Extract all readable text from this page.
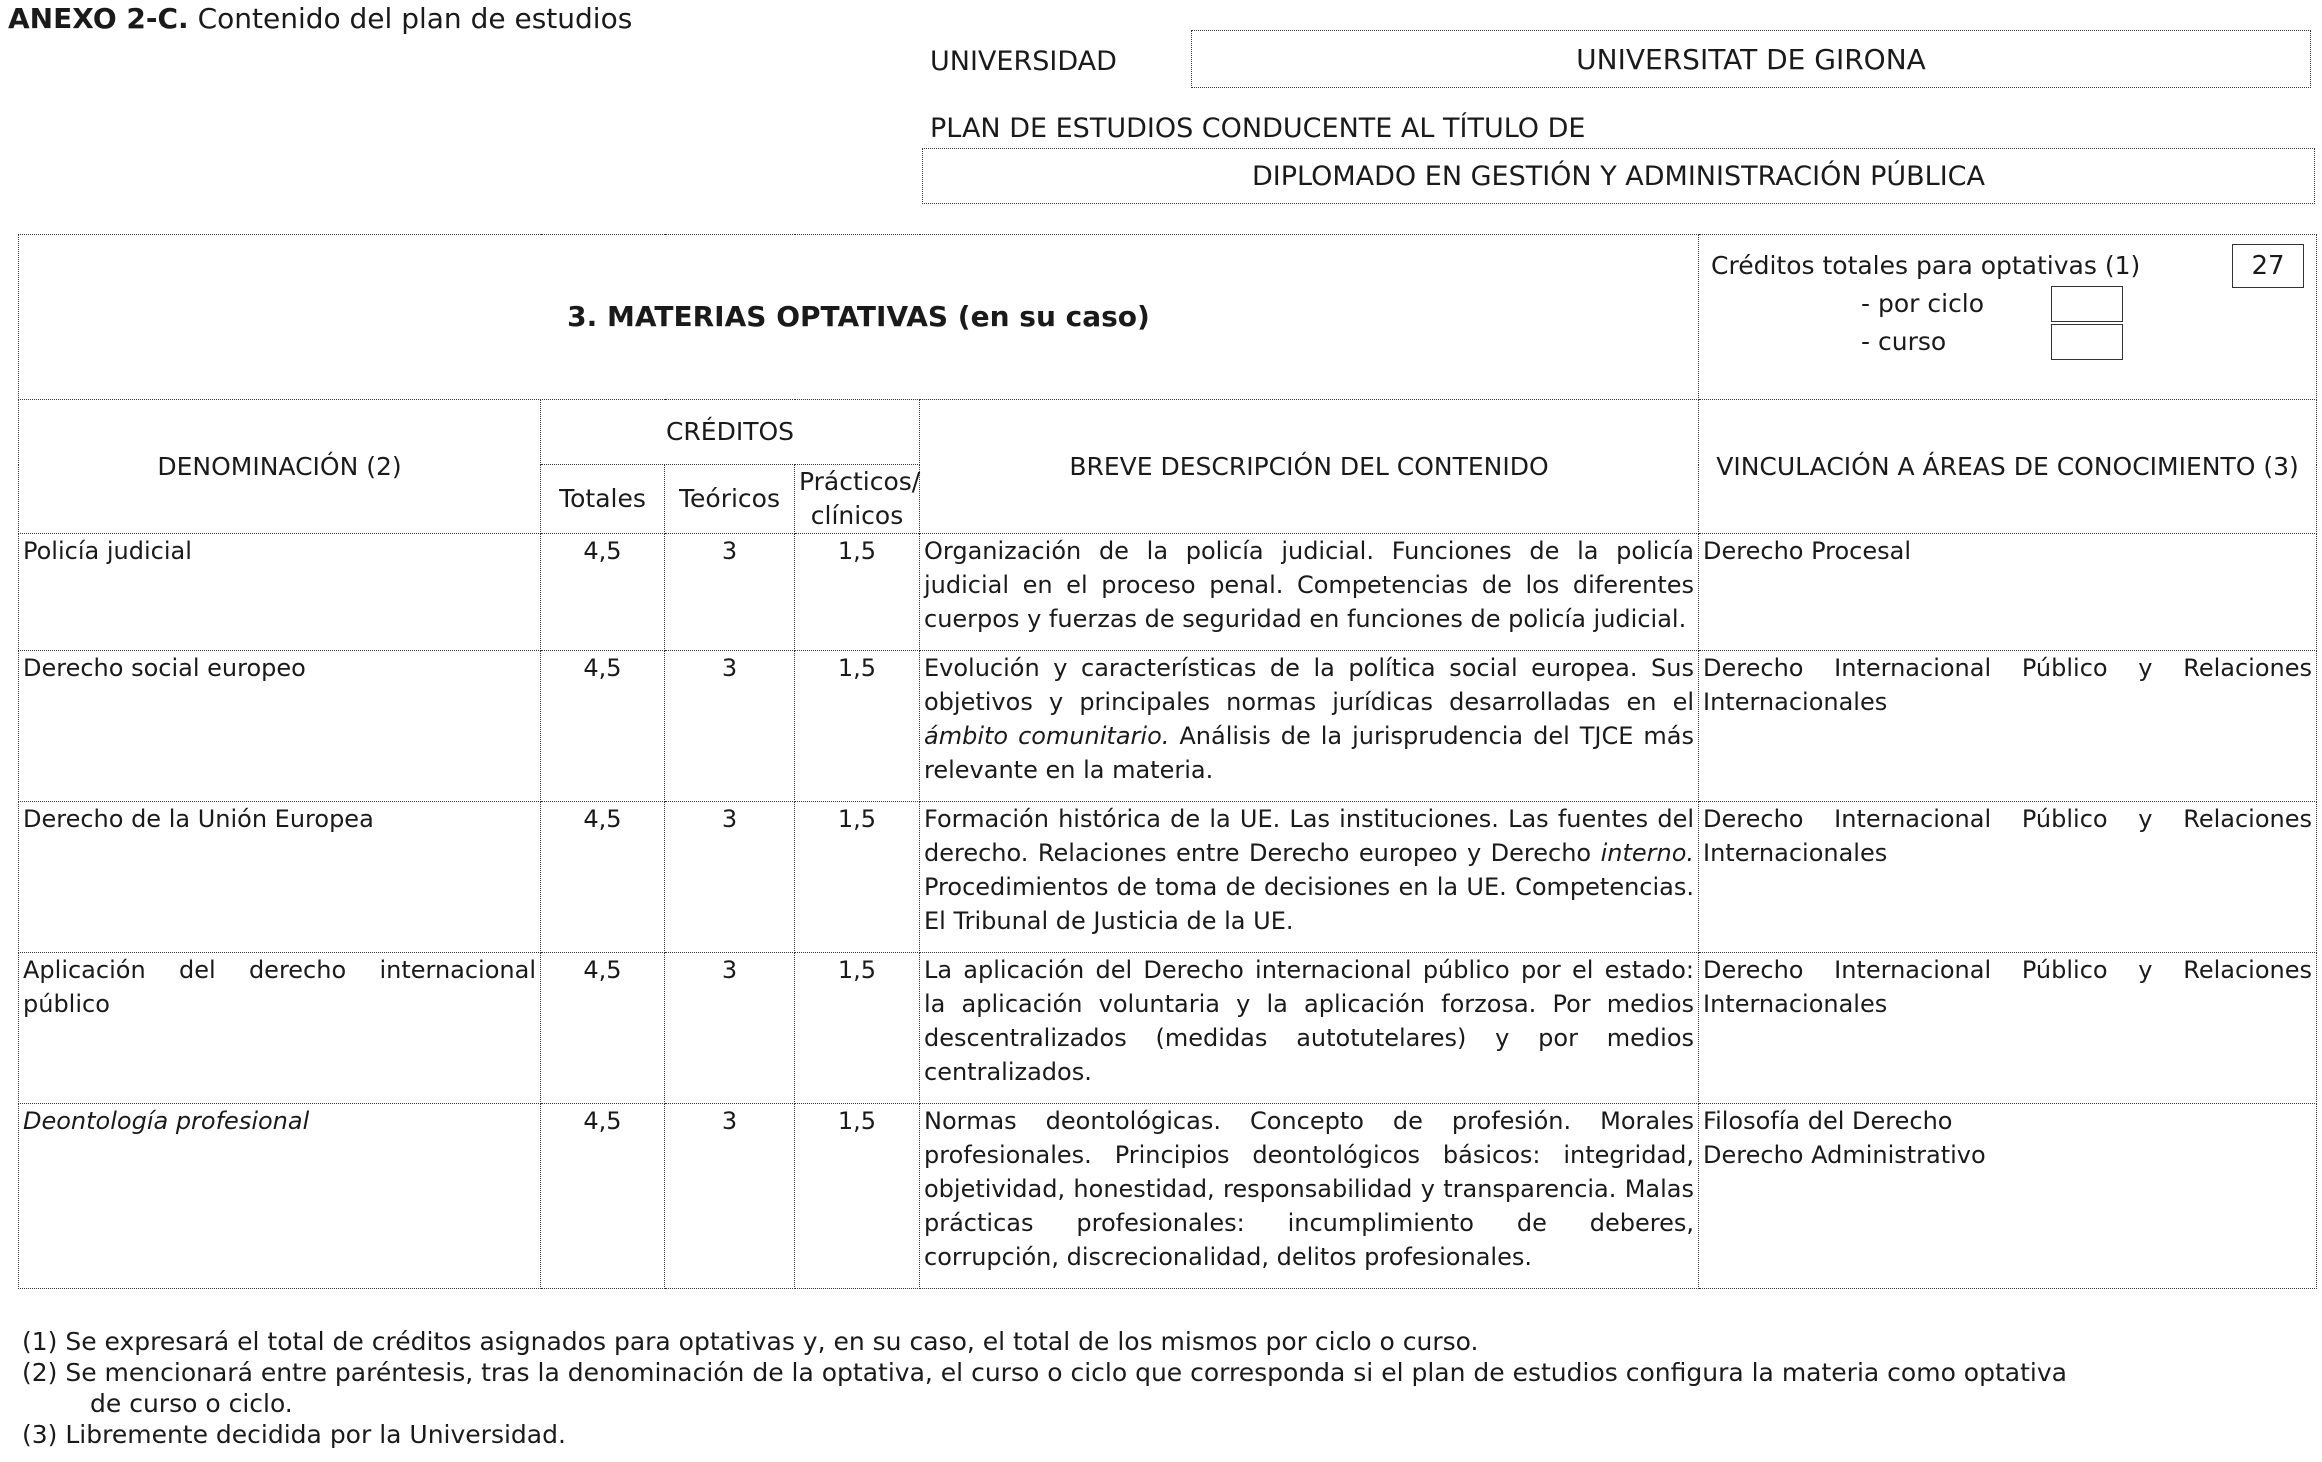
ANEXO 2-C. Contenido del plan de estudios
UNIVERSIDAD	UNIVERSITAT DE GIRONA
PLAN DE ESTUDIOS CONDUCENTE AL TÍTULO DE
DIPLOMADO EN GESTIÓN Y ADMINISTRACIÓN PÚBLICA
3. MATERIAS OPTATIVAS (en su caso)					Créditos totales para optativas (1) 27
- por ciclo
- curso

DENOMINACIÓN (2)	CRÉDITOS			BREVE DESCRIPCIÓN DEL CONTENIDO	VINCULACIÓN A ÁREAS DE CONOCIMIENTO (3)
	Totales	Teóricos	Prácticos/ clínicos		
Policía judicial	4,5	3	1,5	Organización de la policía judicial. Funciones de la policía judicial en el proceso penal. Competencias de los diferentes cuerpos y fuerzas de seguridad en funciones de policía judicial.	Derecho Procesal
Derecho social europeo	4,5	3	1,5	Evolución y características de la política social europea. Sus objetivos y principales normas jurídicas desarrolladas en el ámbito comunitario. Análisis de la jurisprudencia del TJCE más relevante en la materia.	Derecho Internacional Público y Relaciones Internacionales
Derecho de la Unión Europea	4,5	3	1,5	Formación histórica de la UE. Las instituciones. Las fuentes del derecho. Relaciones entre Derecho europeo y Derecho interno. Procedimientos de toma de decisiones en la UE. Competencias. El Tribunal de Justicia de la UE.	Derecho Internacional Público y Relaciones Internacionales
Aplicación del derecho internacional público	4,5	3	1,5	La aplicación del Derecho internacional público por el estado: la aplicación voluntaria y la aplicación forzosa. Por medios descentralizados (medidas autotutelares) y por medios centralizados.	Derecho Internacional Público y Relaciones Internacionales
Deontología profesional	4,5	3	1,5	Normas deontológicas. Concepto de profesión. Morales profesionales. Principios deontológicos básicos: integridad, objetividad, honestidad, responsabilidad y transparencia. Malas prácticas profesionales: incumplimiento de deberes, corrupción, discrecionalidad, delitos profesionales.	Filosofía del Derecho
Derecho Administrativo
(1) Se expresará el total de créditos asignados para optativas y, en su caso, el total de los mismos por ciclo o curso.
(2) Se mencionará entre paréntesis, tras la denominación de la optativa, el curso o ciclo que corresponda si el plan de estudios configura la materia como optativa
de curso o ciclo.
(3) Libremente decidida por la Universidad.
